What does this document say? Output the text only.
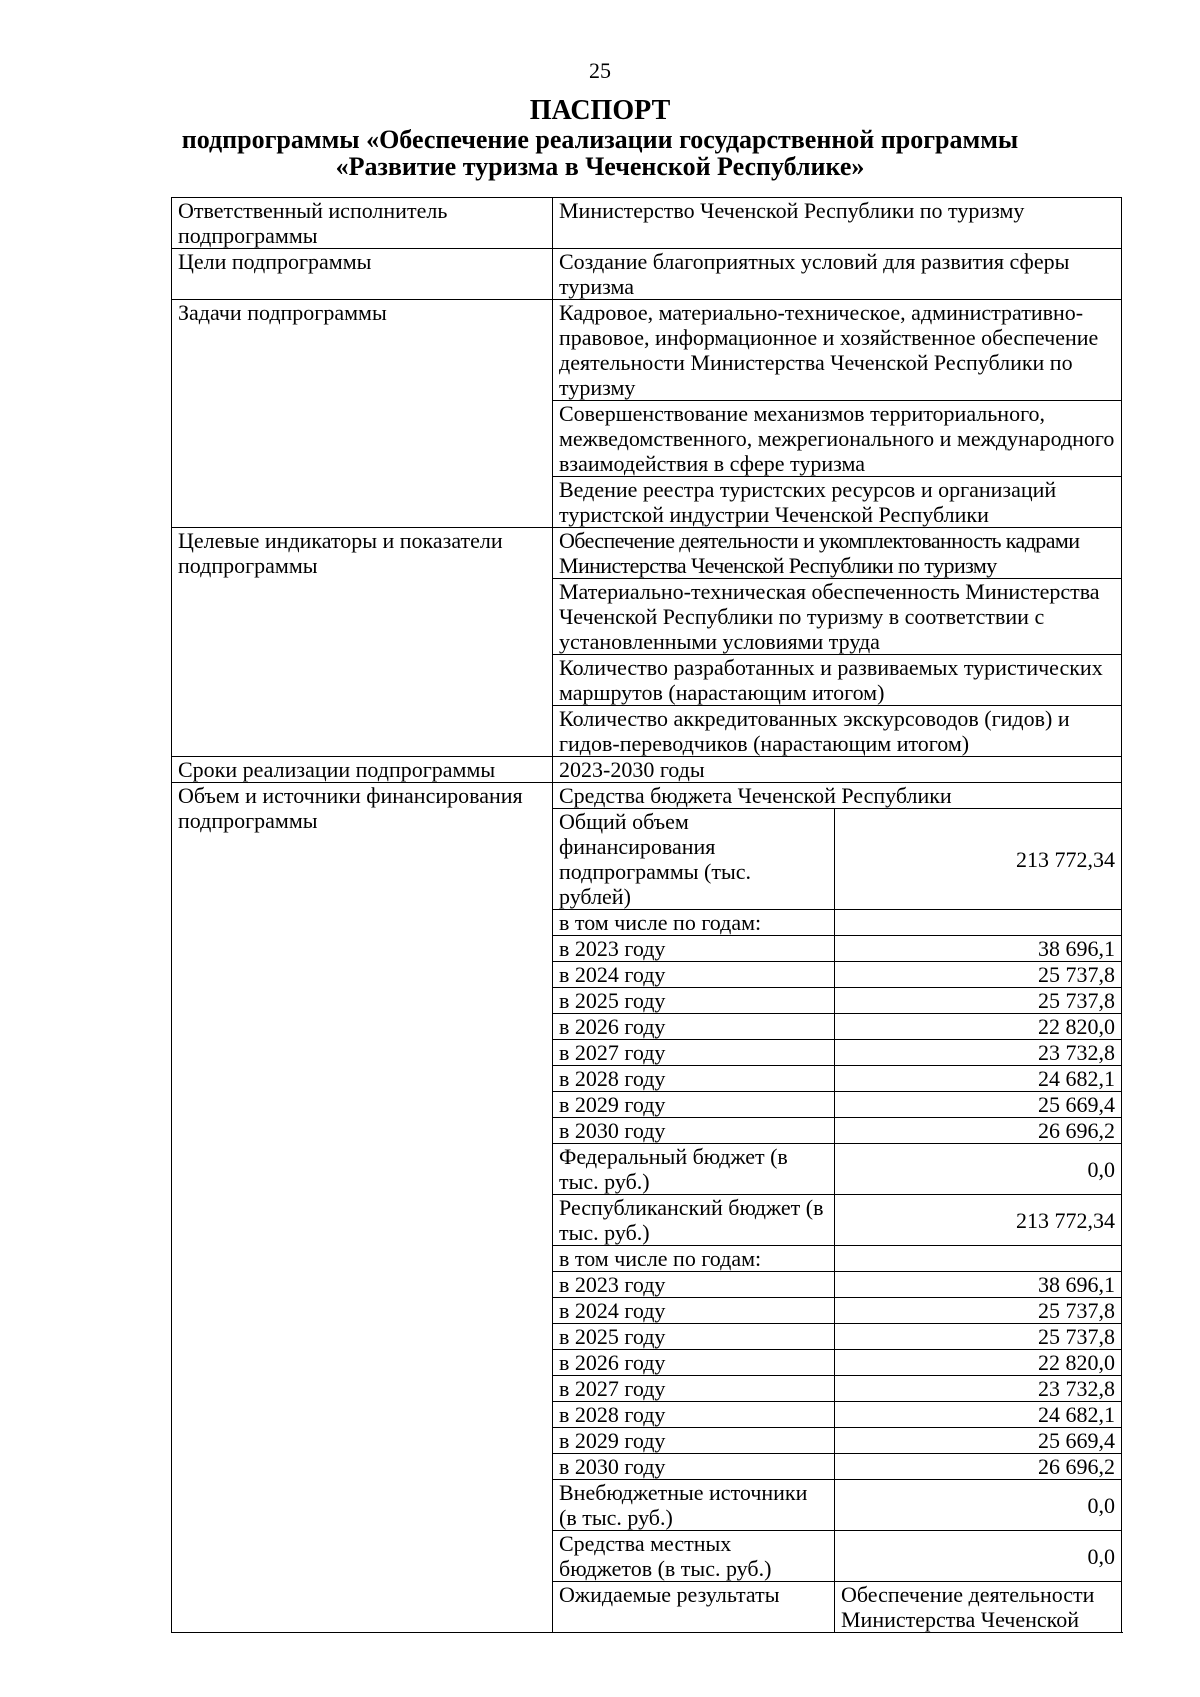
25
ПАСПОРТ
подпрограммы «Обеспечение реализации государственной программы
«Развитие туризма в Чеченской Республике»
Ответственный исполнитель подпрограммы	Министерство Чеченской Республики по туризму	
Цели подпрограммы	Создание благоприятных условий для развития сферы туризма	
Задачи подпрограммы	Кадровое, материально-техническое, административно-правовое, информационное и хозяйственное обеспечение деятельности Министерства Чеченской Республики по туризму	
	Совершенствование механизмов территориального, межведомственного, межрегионального и международного взаимодействия в сфере туризма	
	Ведение реестра туристских ресурсов и организаций туристской индустрии Чеченской Республики	
Целевые индикаторы и показатели подпрограммы	Обеспечение деятельности и укомплектованность кадрами Министерства Чеченской Республики по туризму	
	Материально-техническая обеспеченность Министерства Чеченской Республики по туризму в соответствии с установленными условиями труда	
	Количество разработанных и развиваемых туристических маршрутов (нарастающим итогом)	
	Количество аккредитованных экскурсоводов (гидов) и гидов-переводчиков (нарастающим итогом)	
Сроки реализации подпрограммы	2023-2030 годы	
Объем и источники финансирования подпрограммы	Средства бюджета Чеченской Республики	
	Общий объем финансирования подпрограммы (тыс. рублей)	213 772,34
	в том числе по годам:	
	в 2023 году	38 696,1
	в 2024 году	25 737,8
	в 2025 году	25 737,8
	в 2026 году	22 820,0
	в 2027 году	23 732,8
	в 2028 году	24 682,1
	в 2029 году	25 669,4
	в 2030 году	26 696,2
	Федеральный бюджет (в тыс. руб.)	0,0
	Республиканский бюджет (в тыс. руб.)	213 772,34
	в том числе по годам:	
	в 2023 году	38 696,1
	в 2024 году	25 737,8
	в 2025 году	25 737,8
	в 2026 году	22 820,0
	в 2027 году	23 732,8
	в 2028 году	24 682,1
	в 2029 году	25 669,4
	в 2030 году	26 696,2
	Внебюджетные источники (в тыс. руб.)	0,0
	Средства местных бюджетов (в тыс. руб.)	0,0
	Ожидаемые результаты	Обеспечение деятельности Министерства Чеченской
